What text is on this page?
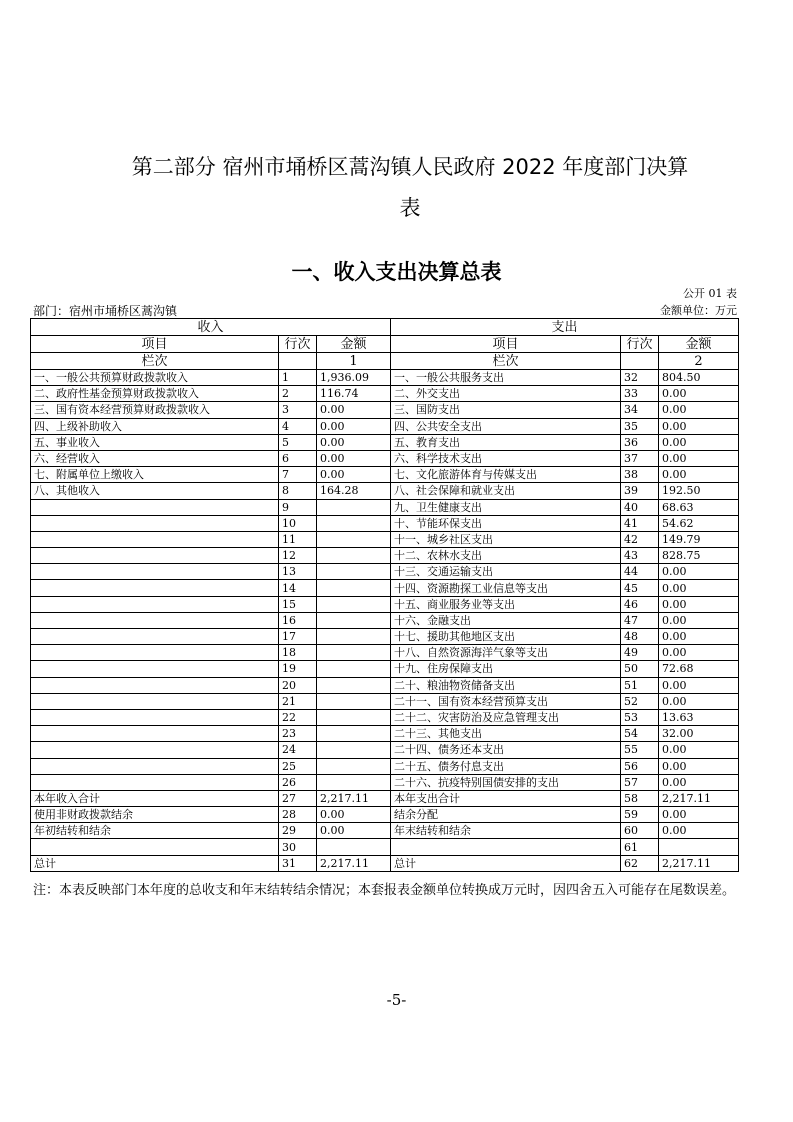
第二部分 宿州市埇桥区蒿沟镇人民政府 2022 年度部门决算
表
一、收入支出决算总表
公开 01 表
部门：宿州市埇桥区蒿沟镇	金额单位：万元
收入			支出		
项目	行次	金额	项目	行次	金额
栏次		1	栏次		2
一、一般公共预算财政拨款收入	1	1,936.09	一、一般公共服务支出	32	804.50
二、政府性基金预算财政拨款收入	2	116.74	二、外交支出	33	0.00
三、国有资本经营预算财政拨款收入	3	0.00	三、国防支出	34	0.00
四、上级补助收入	4	0.00	四、公共安全支出	35	0.00
五、事业收入	5	0.00	五、教育支出	36	0.00
六、经营收入	6	0.00	六、科学技术支出	37	0.00
七、附属单位上缴收入	7	0.00	七、文化旅游体育与传媒支出	38	0.00
八、其他收入	8	164.28	八、社会保障和就业支出	39	192.50
	9		九、卫生健康支出	40	68.63
	10		十、节能环保支出	41	54.62
	11		十一、城乡社区支出	42	149.79
	12		十二、农林水支出	43	828.75
	13		十三、交通运输支出	44	0.00
	14		十四、资源勘探工业信息等支出	45	0.00
	15		十五、商业服务业等支出	46	0.00
	16		十六、金融支出	47	0.00
	17		十七、援助其他地区支出	48	0.00
	18		十八、自然资源海洋气象等支出	49	0.00
	19		十九、住房保障支出	50	72.68
	20		二十、粮油物资储备支出	51	0.00
	21		二十一、国有资本经营预算支出	52	0.00
	22		二十二、灾害防治及应急管理支出	53	13.63
	23		二十三、其他支出	54	32.00
	24		二十四、债务还本支出	55	0.00
	25		二十五、债务付息支出	56	0.00
	26		二十六、抗疫特别国债安排的支出	57	0.00
本年收入合计	27	2,217.11	本年支出合计	58	2,217.11
使用非财政拨款结余	28	0.00	结余分配	59	0.00
年初结转和结余	29	0.00	年末结转和结余	60	0.00
	30			61	
总计	31	2,217.11	总计	62	2,217.11
注：本表反映部门本年度的总收支和年末结转结余情况；本套报表金额单位转换成万元时，因四舍五入可能存在尾数误差。
-5-
